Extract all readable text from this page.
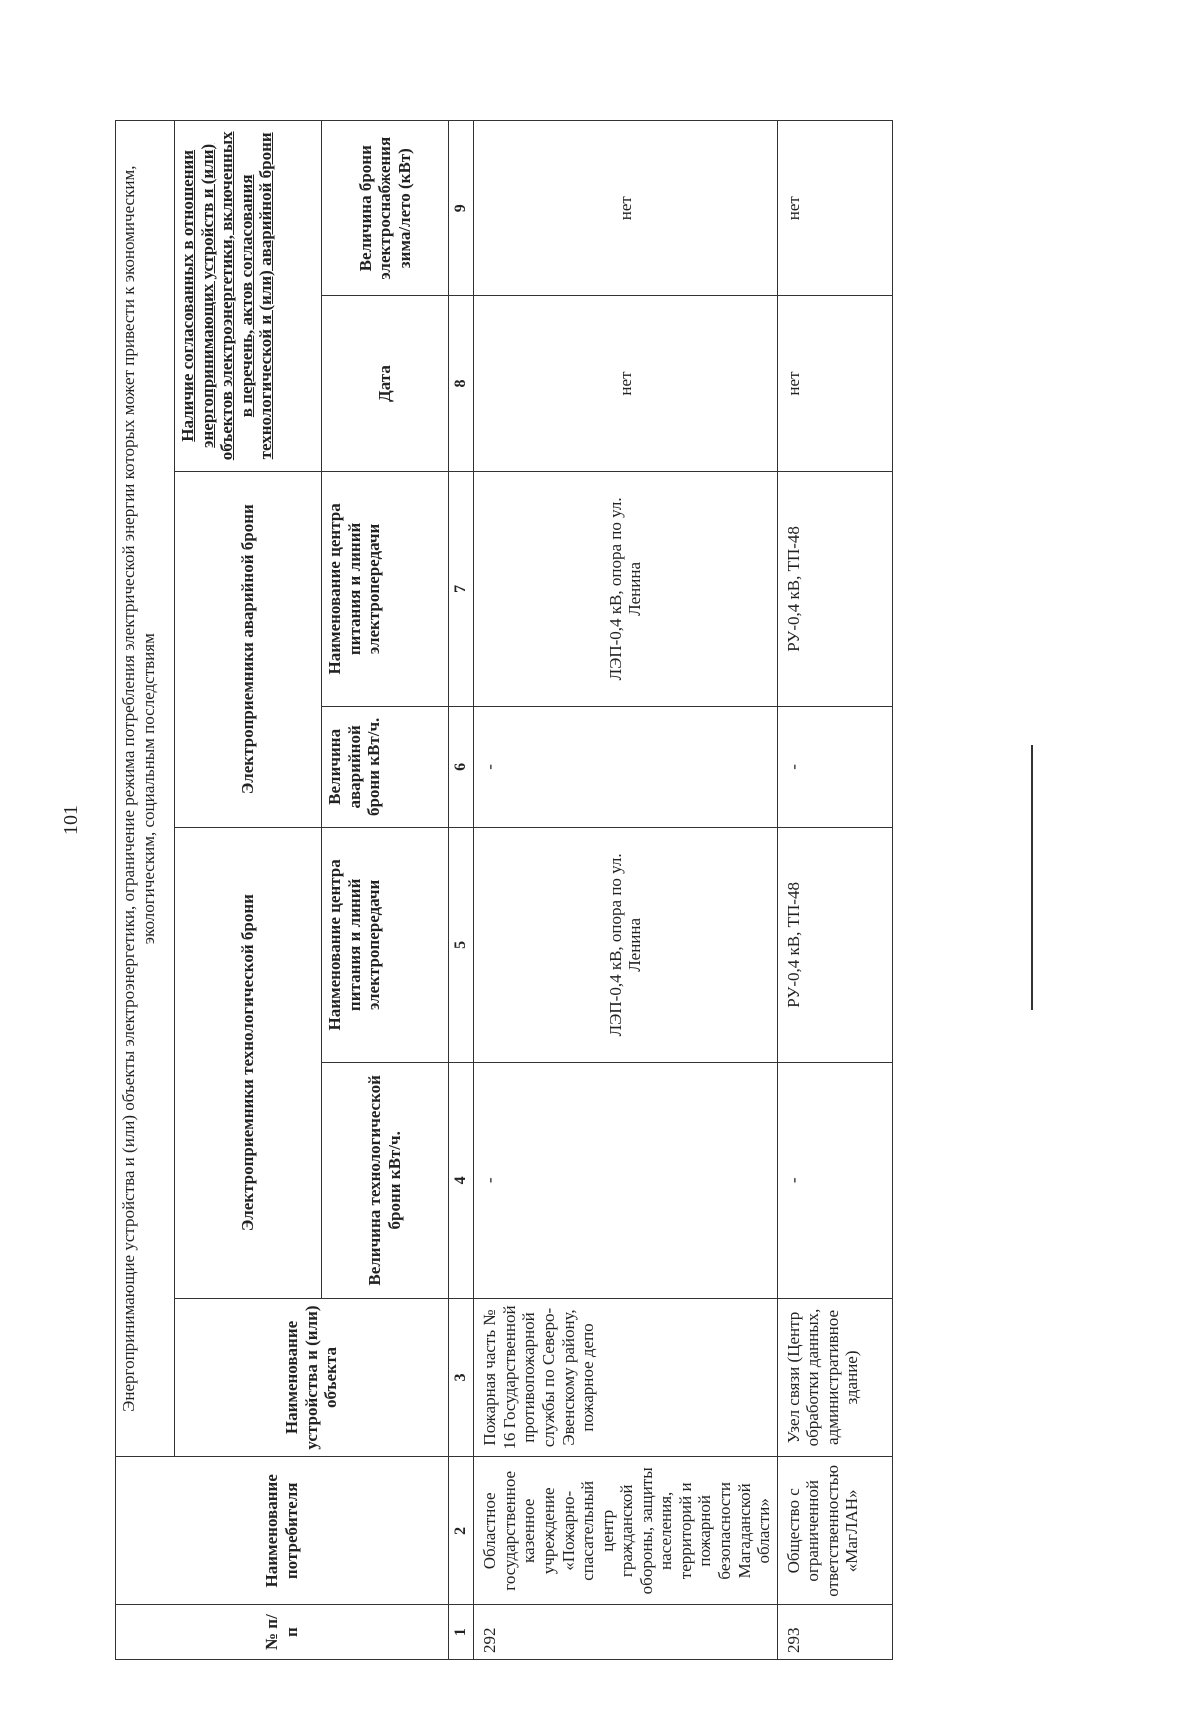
101
№ п/п	Наименование потребителя	Энергопринимающие устройства и (или) объекты электроэнергетики, ограничение режима потребления электрической энергии которых может привести к экономическим, экологическим, социальным последствиям						
		Наименование устройства и (или) объекта	Электроприемники технологической брони		Электроприемники аварийной брони		Наличие согласованных в отношении энергопринимающих устройств и (или) объектов электроэнергетики, включенных в перечень, актов согласования технологической и (или) аварийной брони	
			Величина технологической брони кВт/ч.	Наименование центра питания и линий электропередачи	Величина аварийной брони кВт/ч.	Наименование центра питания и линий электропередачи	Дата	Величина брони электроснабжения зима/лето (кВт)
1	2	3	4	5	6	7	8	9
292	Областное государственное казенное учреждение «Пожарно-спасательный центр гражданской обороны, защиты населения, территорий и пожарной безопасности Магаданской области»	Пожарная часть № 16 Государственной противопожарной службы по Северо-Эвенскому району, пожарное депо	-	ЛЭП-0,4 кВ, опора по ул. Ленина	-	ЛЭП-0,4 кВ, опора по ул. Ленина	нет	нет
293	Общество с ограниченной ответственностью «МагЛАН»	Узел связи (Центр обработки данных, административное здание)	-	РУ-0,4 кВ, ТП-48	-	РУ-0,4 кВ, ТП-48	нет	нет
